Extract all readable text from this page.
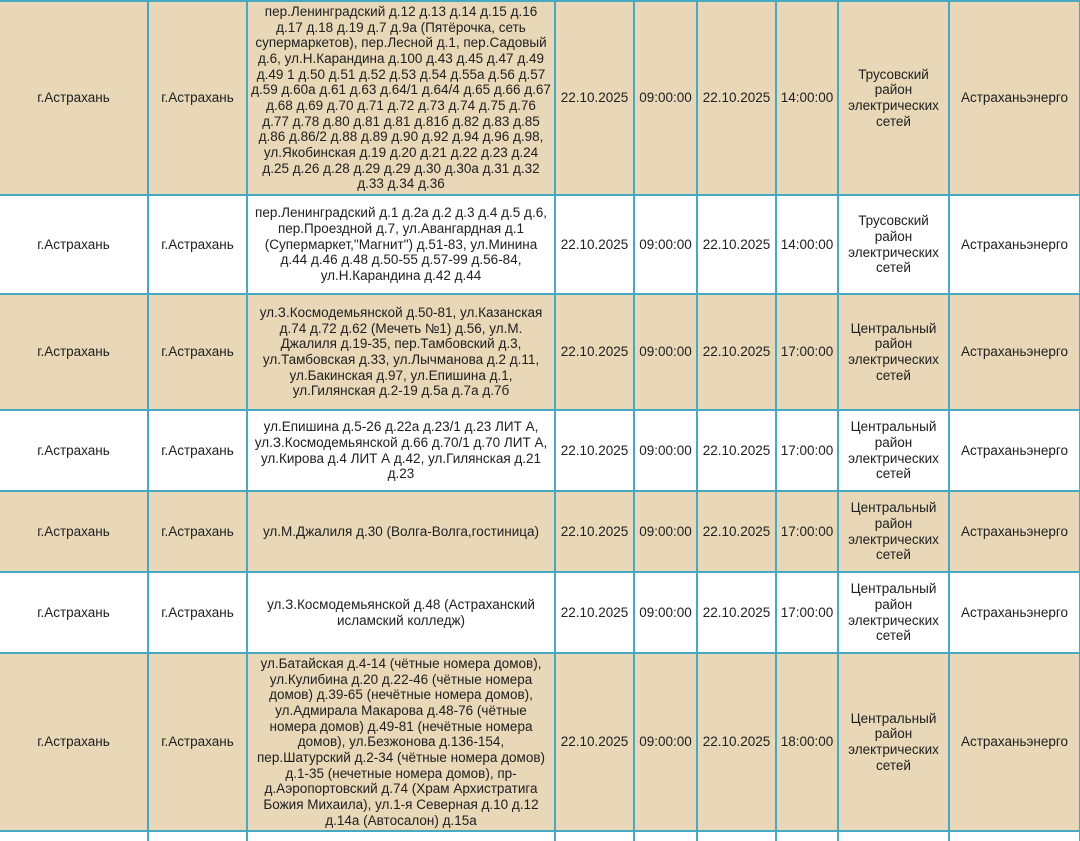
г.Астрахань	г.Астрахань	пер.Ленинградский д.12 д.13 д.14 д.15 д.16 д.17 д.18 д.19 д.7 д.9а (Пятёрочка, сеть супермаркетов), пер.Лесной д.1, пер.Садовый д.6, ул.Н.Карандина д.100 д.43 д.45 д.47 д.49 д.49 1 д.50 д.51 д.52 д.53 д.54 д.55а д.56 д.57 д.59 д.60а д.61 д.63 д.64/1 д.64/4 д.65 д.66 д.67 д.68 д.69 д.70 д.71 д.72 д.73 д.74 д.75 д.76 д.77 д.78 д.80 д.81 д.81 д.81б д.82 д.83 д.85 д.86 д.86/2 д.88 д.89 д.90 д.92 д.94 д.96 д.98, ул.Якобинская д.19 д.20 д.21 д.22 д.23 д.24 д.25 д.26 д.28 д.29 д.29 д.30 д.30а д.31 д.32 д.33 д.34 д.36	22.10.2025	09:00:00	22.10.2025	14:00:00	Трусовский район электрических сетей	Астраханьэнерго
г.Астрахань	г.Астрахань	пер.Ленинградский д.1 д.2а д.2 д.3 д.4 д.5 д.6, пер.Проездной д.7, ул.Авангардная д.1 (Супермаркет,"Магнит") д.51-83, ул.Минина д.44 д.46 д.48 д.50-55 д.57-99 д.56-84, ул.Н.Карандина д.42 д.44	22.10.2025	09:00:00	22.10.2025	14:00:00	Трусовский район электрических сетей	Астраханьэнерго
г.Астрахань	г.Астрахань	ул.З.Космодемьянской д.50-81, ул.Казанская д.74 д.72 д.62 (Мечеть №1) д.56, ул.М. Джалиля д.19-35, пер.Тамбовский д.3, ул.Тамбовская д.33, ул.Лычманова д.2 д.11, ул.Бакинская д.97, ул.Епишина д.1, ул.Гилянская д.2-19 д.5а д.7а д.7б	22.10.2025	09:00:00	22.10.2025	17:00:00	Центральный район электрических сетей	Астраханьэнерго
г.Астрахань	г.Астрахань	ул.Епишина д.5-26 д.22а д.23/1 д.23 ЛИТ А, ул.З.Космодемьянской д.66 д.70/1 д.70 ЛИТ А, ул.Кирова д.4 ЛИТ А д.42, ул.Гилянская д.21 д.23	22.10.2025	09:00:00	22.10.2025	17:00:00	Центральный район электрических сетей	Астраханьэнерго
г.Астрахань	г.Астрахань	ул.М.Джалиля д.30 (Волга-Волга,гостиница)	22.10.2025	09:00:00	22.10.2025	17:00:00	Центральный район электрических сетей	Астраханьэнерго
г.Астрахань	г.Астрахань	ул.З.Космодемьянской д.48 (Астраханский исламский колледж)	22.10.2025	09:00:00	22.10.2025	17:00:00	Центральный район электрических сетей	Астраханьэнерго
г.Астрахань	г.Астрахань	ул.Батайская д.4-14 (чётные номера домов), ул.Кулибина д.20 д.22-46 (чётные номера домов) д.39-65 (нечётные номера домов), ул.Адмирала Макарова д.48-76 (чётные номера домов) д.49-81 (нечётные номера домов), ул.Безжонова д.136-154, пер.Шатурский д.2-34 (чётные номера домов) д.1-35 (нечетные номера домов), пр-д.Аэропортовский д.74 (Храм Архистратига Божия Михаила), ул.1-я Северная д.10 д.12 д.14а (Автосалон) д.15а	22.10.2025	09:00:00	22.10.2025	18:00:00	Центральный район электрических сетей	Астраханьэнерго
